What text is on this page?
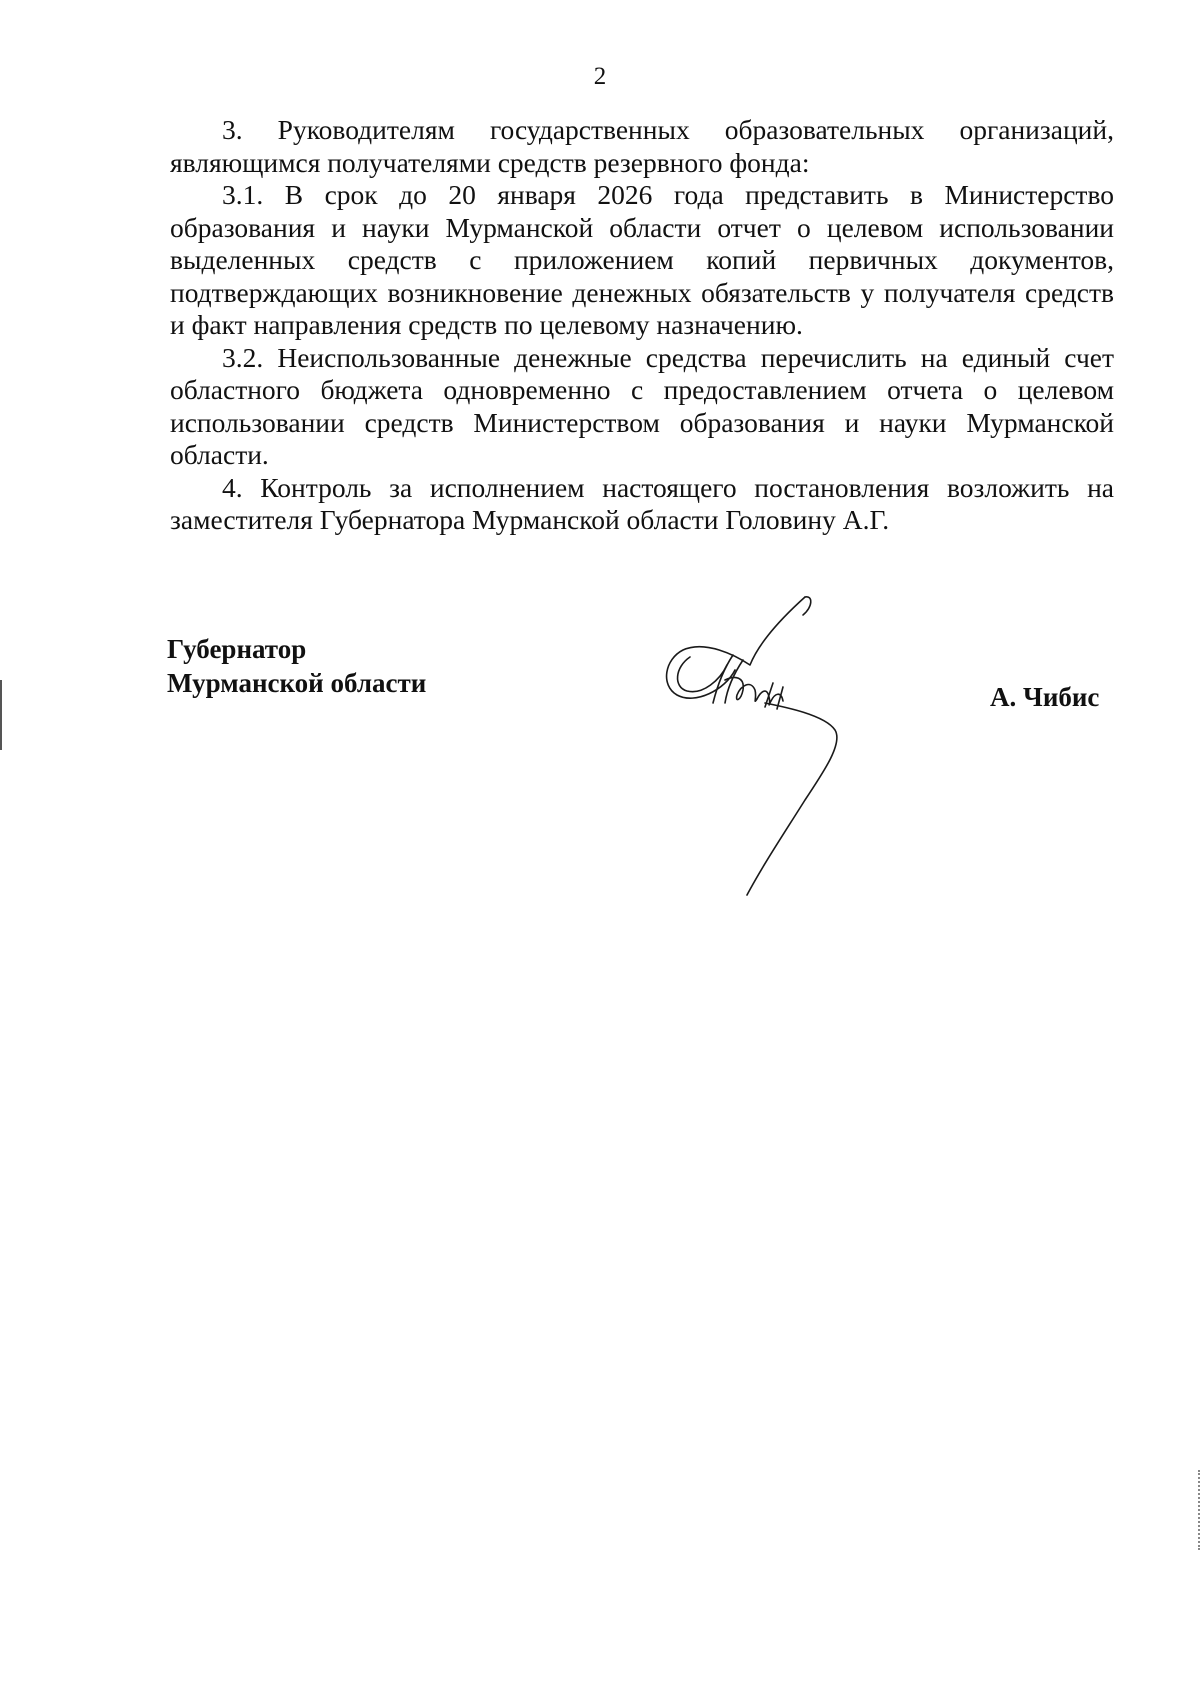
2

3. Руководителям государственных образовательных организаций, являющимся получателями средств резервного фонда:

3.1. В срок до 20 января 2026 года представить в Министерство образования и науки Мурманской области отчет о целевом использовании выделенных средств с приложением копий первичных документов, подтверждающих возникновение денежных обязательств у получателя средств и факт направления средств по целевому назначению.

3.2. Неиспользованные денежные средства перечислить на единый счет областного бюджета одновременно с предоставлением отчета о целевом использовании средств Министерством образования и науки Мурманской области.

4. Контроль за исполнением настоящего постановления возложить на заместителя Губернатора Мурманской области Головину А.Г.

Губернатор
Мурманской области	А. Чибис
